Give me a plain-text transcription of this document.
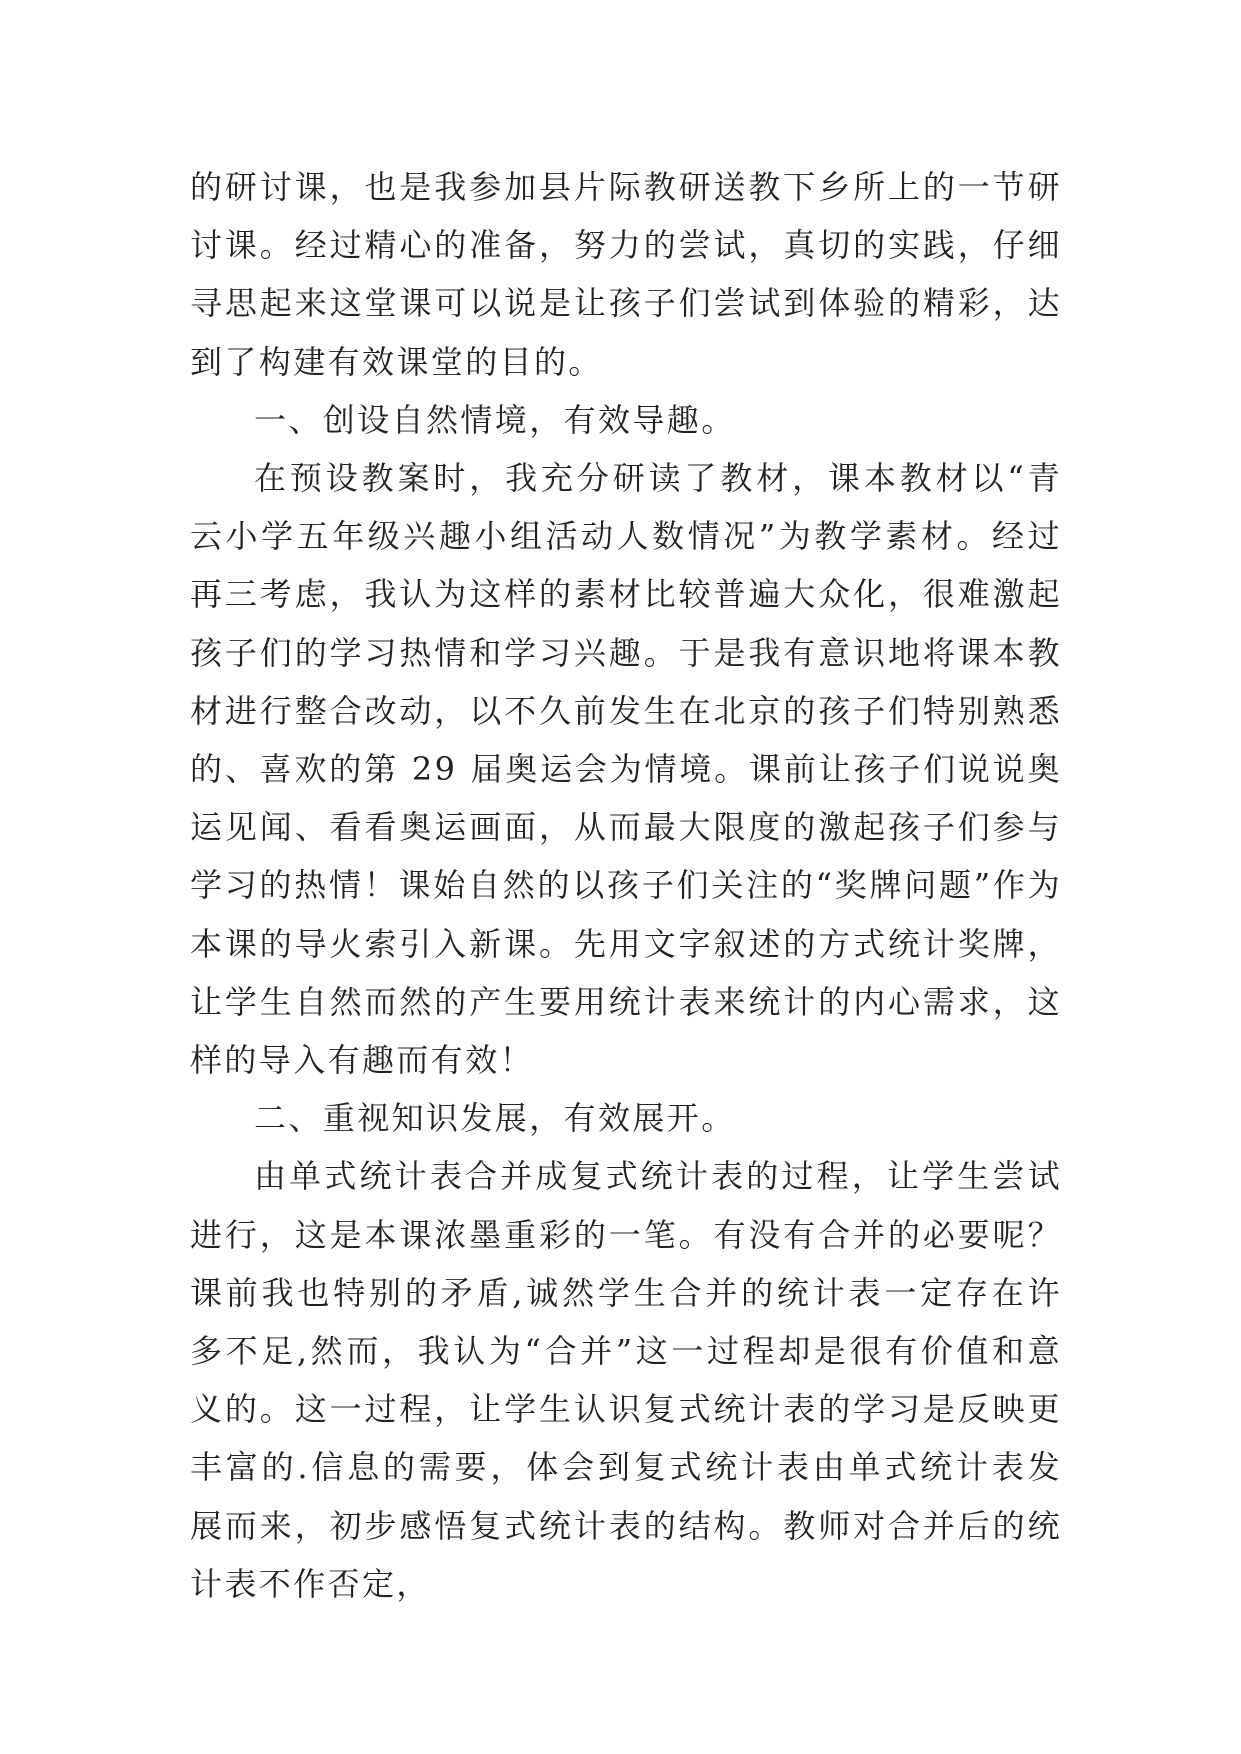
的研讨课，也是我参加县片际教研送教下乡所上的一节研讨课。经过精心的准备，努力的尝试，真切的实践，仔细寻思起来这堂课可以说是让孩子们尝试到体验的精彩，达到了构建有效课堂的目的。

一、创设自然情境，有效导趣。

在预设教案时，我充分研读了教材，课本教材以“青云小学五年级兴趣小组活动人数情况”为教学素材。经过再三考虑，我认为这样的素材比较普遍大众化，很难激起孩子们的学习热情和学习兴趣。于是我有意识地将课本教材进行整合改动，以不久前发生在北京的孩子们特别熟悉的、喜欢的第 29 届奥运会为情境。课前让孩子们说说奥运见闻、看看奥运画面，从而最大限度的激起孩子们参与学习的热情！课始自然的以孩子们关注的“奖牌问题”作为本课的导火索引入新课。先用文字叙述的方式统计奖牌，让学生自然而然的产生要用统计表来统计的内心需求，这样的导入有趣而有效！

二、重视知识发展，有效展开。

由单式统计表合并成复式统计表的过程，让学生尝试进行，这是本课浓墨重彩的一笔。有没有合并的必要呢？课前我也特别的矛盾,诚然学生合并的统计表一定存在许多不足,然而，我认为“合并”这一过程却是很有价值和意义的。这一过程，让学生认识复式统计表的学习是反映更丰富的.信息的需要，体会到复式统计表由单式统计表发展而来，初步感悟复式统计表的结构。教师对合并后的统计表不作否定，
